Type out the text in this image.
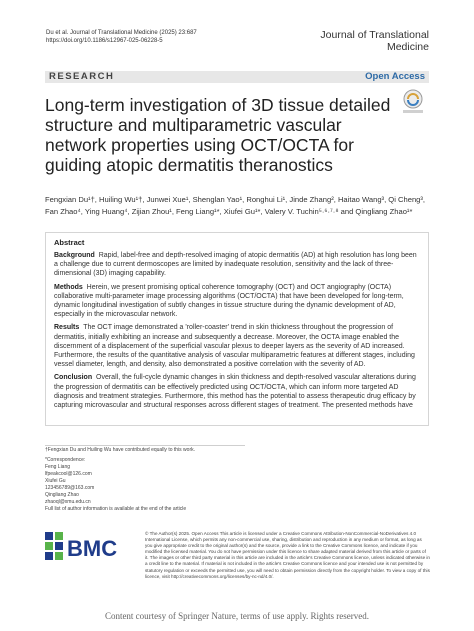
Du et al. Journal of Translational Medicine (2025) 23:687
https://doi.org/10.1186/s12967-025-06228-5	Journal of Translational
Medicine
RESEARCH	Open Access
Long-term investigation of 3D tissue detailed structure and multiparametric vascular network properties using OCT/OCTA for guiding atopic dermatitis theranostics
Fengxian Du¹†, Huiling Wu¹†, Junwei Xue¹, Shenglan Yao¹, Ronghui Li¹, Jinde Zhang², Haitao Wang³, Qi Cheng³, Fan Zhao⁴, Ying Huang⁴, Zijian Zhou¹, Feng Liang¹*, Xiufei Gu¹*, Valery V. Tuchin⁵·⁶·⁷·⁸ and Qingliang Zhao¹*
Abstract

Background Rapid, label-free and depth-resolved imaging of atopic dermatitis (AD) at high resolution has long been a challenge due to current dermoscopes are limited by inadequate resolution, sensitivity and the lack of three-dimensional (3D) imaging capability.

Methods Herein, we present promising optical coherence tomography (OCT) and OCT angiography (OCTA) collaborative multi-parameter image processing algorithms (OCT/OCTA) that have been developed for long-term, dynamic longitudinal investigation of subtly changes in tissue structure during the dynamic development of AD, especially in the microvascular network.

Results The OCT image demonstrated a 'roller-coaster' trend in skin thickness throughout the progression of dermatitis, initially exhibiting an increase and subsequently a decrease. Moreover, the OCTA image enabled the discernment of a displacement of the superficial vascular plexus to deeper layers as the severity of AD increased. Furthermore, the results of the quantitative analysis of vascular multiparametric features at different stages, including vessel diameter, length, and density, also demonstrated a positive correlation with the severity of AD.

Conclusion Overall, the full-cycle dynamic changes in skin thickness and depth-resolved vascular alterations during the progression of dermatitis can be effectively predicted using OCT/OCTA, which can inform more targeted AD diagnosis and treatment strategies. Furthermore, this method has the potential to assess therapeutic drug efficacy by capturing microvascular and structural responses across different stages of treatment. The presented methods have

†Fengxian Du and Huiling Wu have contributed equally to this work.
*Correspondence:
Feng Liang
lfpeakcool@126.com
Xiufei Gu
123456789@163.com
Qingliang Zhao
zhaoql@xmu.edu.cn
Full list of author information is available at the end of the article
BMC
© The Author(s) 2025. Open Access This article is licensed under a Creative Commons Attribution-NonCommercial-NoDerivatives 4.0 International License, which permits any non-commercial use, sharing, distribution and reproduction in any medium or format, as long as you give appropriate credit to the original author(s) and the source, provide a link to the Creative Commons licence, and indicate if you modified the licensed material. You do not have permission under this licence to share adapted material derived from this article or parts of it. The images or other third party material in this article are included in the article's Creative Commons licence, unless indicated otherwise in a credit line to the material. If material is not included in the article's Creative Commons licence and your intended use is not permitted by statutory regulation or exceeds the permitted use, you will need to obtain permission directly from the copyright holder. To view a copy of this licence, visit http://creativecommons.org/licenses/by-nc-nd/4.0/.
Content courtesy of Springer Nature, terms of use apply. Rights reserved.
